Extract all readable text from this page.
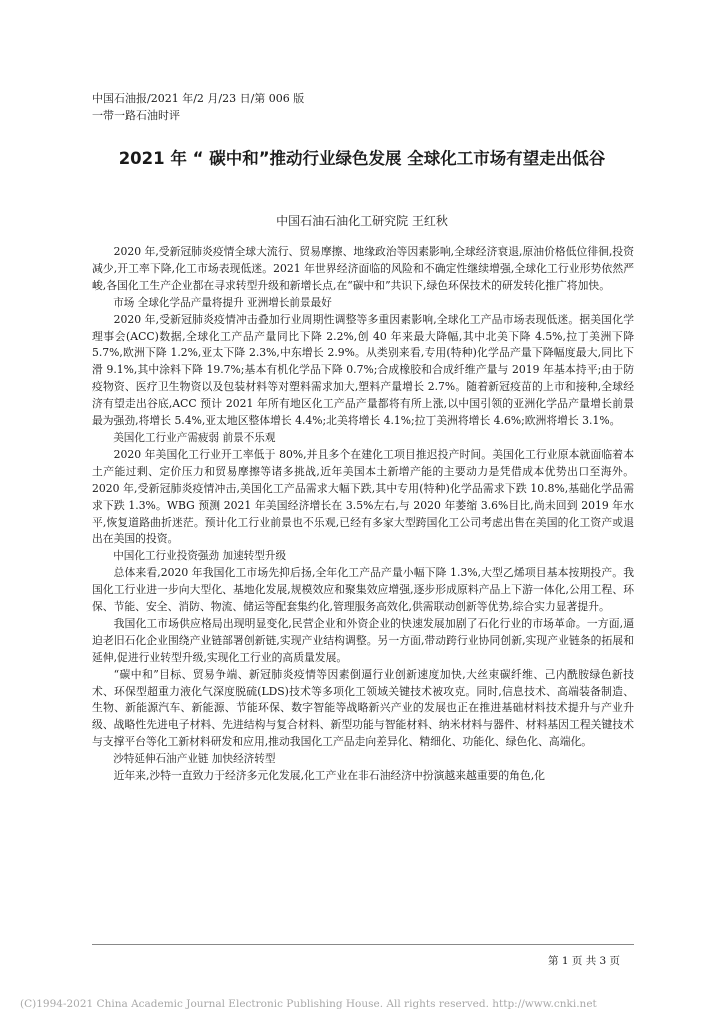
中国石油报/2021 年/2 月/23 日/第 006 版
一带一路石油时评
2021 年 “ 碳中和”推动行业绿色发展 全球化工市场有望走出低谷
中国石油石油化工研究院 王红秋

2020 年,受新冠肺炎疫情全球大流行、贸易摩擦、地缘政治等因素影响,全球经济衰退,原油价格低位徘徊,投资减少,开工率下降,化工市场表现低迷。2021 年世界经济面临的风险和不确定性继续增强,全球化工行业形势依然严峻,各国化工生产企业都在寻求转型升级和新增长点,在“碳中和”共识下,绿色环保技术的研发转化推广将加快。

市场 全球化学品产量将提升 亚洲增长前景最好

2020 年,受新冠肺炎疫情冲击叠加行业周期性调整等多重因素影响,全球化工产品市场表现低迷。据美国化学理事会(ACC)数据,全球化工产品产量同比下降 2.2%,创 40 年来最大降幅,其中北美下降 4.5%,拉丁美洲下降 5.7%,欧洲下降 1.2%,亚太下降 2.3%,中东增长 2.9%。从类别来看,专用(特种)化学品产量下降幅度最大,同比下滑 9.1%,其中涂料下降 19.7%;基本有机化学品下降 0.7%;合成橡胶和合成纤维产量与 2019 年基本持平;由于防疫物资、医疗卫生物资以及包装材料等对塑料需求加大,塑料产量增长 2.7%。随着新冠疫苗的上市和接种,全球经济有望走出谷底,ACC 预计 2021 年所有地区化工产品产量都将有所上涨,以中国引领的亚洲化学品产量增长前景最为强劲,将增长 5.4%,亚太地区整体增长 4.4%;北美将增长 4.1%;拉丁美洲将增长 4.6%;欧洲将增长 3.1%。

美国化工行业产需疲弱 前景不乐观

2020 年美国化工行业开工率低于 80%,并且多个在建化工项目推迟投产时间。美国化工行业原本就面临着本土产能过剩、定价压力和贸易摩擦等诸多挑战,近年美国本土新增产能的主要动力是凭借成本优势出口至海外。2020 年,受新冠肺炎疫情冲击,美国化工产品需求大幅下跌,其中专用(特种)化学品需求下跌 10.8%,基础化学品需求下跌 1.3%。WBG 预测 2021 年美国经济增长在 3.5%左右,与 2020 年萎缩 3.6%目比,尚未回到 2019 年水平,恢复道路曲折迷茫。预计化工行业前景也不乐观,已经有多家大型跨国化工公司考虑出售在美国的化工资产或退出在美国的投资。

中国化工行业投资强劲 加速转型升级

总体来看,2020 年我国化工市场先抑后扬,全年化工产品产量小幅下降 1.3%,大型乙烯项目基本按期投产。我国化工行业进一步向大型化、基地化发展,规模效应和聚集效应增强,逐步形成原料产品上下游一体化,公用工程、环保、节能、安全、消防、物流、储运等配套集约化,管理服务高效化,供需联动创新等优势,综合实力显著提升。

我国化工市场供应格局出现明显变化,民营企业和外资企业的快速发展加剧了石化行业的市场革命。一方面,逼迫老旧石化企业围绕产业链部署创新链,实现产业结构调整。另一方面,带动跨行业协同创新,实现产业链条的拓展和延伸,促进行业转型升级,实现化工行业的高质量发展。

“碳中和”目标、贸易争端、新冠肺炎疫情等因素倒逼行业创新速度加快,大丝束碳纤维、己内酰胺绿色新技术、环保型超重力液化气深度脱硫(LDS)技术等多项化工领域关键技术被攻克。同时,信息技术、高端装备制造、生物、新能源汽车、新能源、节能环保、数字智能等战略新兴产业的发展也正在推进基础材料技术提升与产业升级、战略性先进电子材料、先进结构与复合材料、新型功能与智能材料、纳米材料与器件、材料基因工程关键技术与支撑平台等化工新材料研发和应用,推动我国化工产品走向差异化、精细化、功能化、绿色化、高端化。

沙特延伸石油产业链 加快经济转型

近年来,沙特一直致力于经济多元化发展,化工产业在非石油经济中扮演越来越重要的角色,化

第 1 页 共 3 页
(C)1994-2021 China Academic Journal Electronic Publishing House. All rights reserved. http://www.cnki.net
